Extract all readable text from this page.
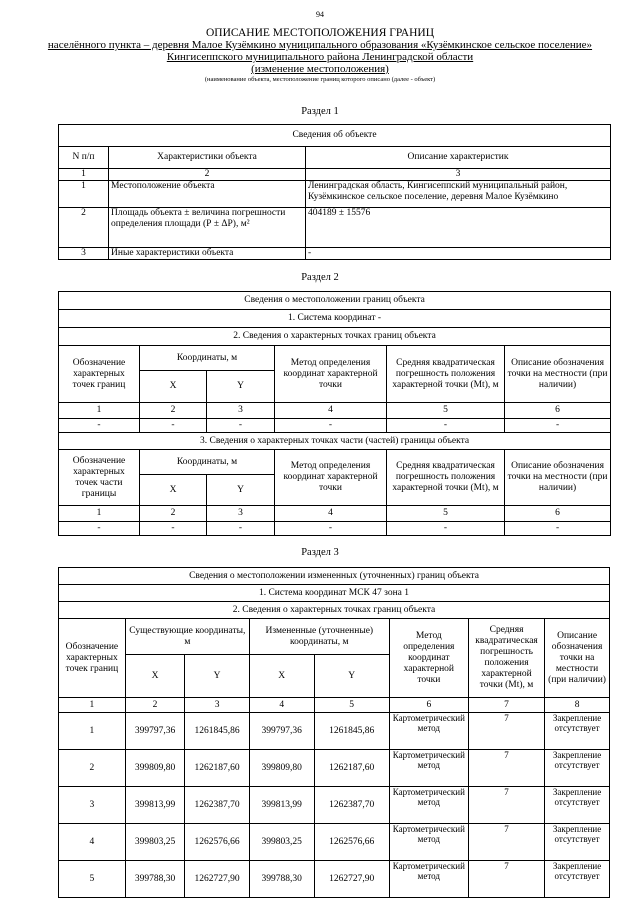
94
ОПИСАНИЕ МЕСТОПОЛОЖЕНИЯ ГРАНИЦ
населённого пункта – деревня Малое Кузёмкино муниципального образования «Кузёмкинское сельское поселение»
Кингисеппского муниципального района Ленинградской области
(изменение местоположения)
(наименование объекта, местоположение границ которого описано (далее - объект)
Раздел 1
Сведения об объекте		
N п/п	Характеристики объекта	Описание характеристик
1	2	3
1	Местоположение объекта	Ленинградская область, Кингисеппский муниципальный район, Кузёмкинское сельское поселение, деревня Малое Кузёмкино
2	Площадь объекта ± величина погрешности определения площади (Р ± ΔР), м²	404189 ± 15576
3	Иные характеристики объекта	-
Раздел 2
Сведения о местоположении границ объекта					
1. Система координат -					
2. Сведения о характерных точках границ объекта					
Обозначение характерных точек границ	Координаты, м		Метод определения координат характерной точки	Средняя квадратическая погрешность положения характерной точки (Mt), м	Описание обозначения точки на местности (при наличии)
	X	Y			
1	2	3	4	5	6
-	-	-	-	-	-
3. Сведения о характерных точках части (частей) границы объекта					
Обозначение характерных точек части границы	Координаты, м		Метод определения координат характерной точки	Средняя квадратическая погрешность положения характерной точки (Mt), м	Описание обозначения точки на местности (при наличии)
	X	Y			
1	2	3	4	5	6
-	-	-	-	-	-
Раздел 3
Сведения о местоположении измененных (уточненных) границ объекта							
1. Система координат МСК 47 зона 1							
2. Сведения о характерных точках границ объекта							
Обозначение характерных точек границ	Существующие координаты, м		Измененные (уточненные) координаты, м		Метод определения координат характерной точки	Средняя квадратическая погрешность положения характерной точки (Mt), м	Описание обозначения точки на местности (при наличии)
	X	Y	X	Y			
1	2	3	4	5	6	7	8
1	399797,36	1261845,86	399797,36	1261845,86	Картометрический метод	7	Закрепление отсутствует
2	399809,80	1262187,60	399809,80	1262187,60	Картометрический метод	7	Закрепление отсутствует
3	399813,99	1262387,70	399813,99	1262387,70	Картометрический метод	7	Закрепление отсутствует
4	399803,25	1262576,66	399803,25	1262576,66	Картометрический метод	7	Закрепление отсутствует
5	399788,30	1262727,90	399788,30	1262727,90	Картометрический метод	7	Закрепление отсутствует
